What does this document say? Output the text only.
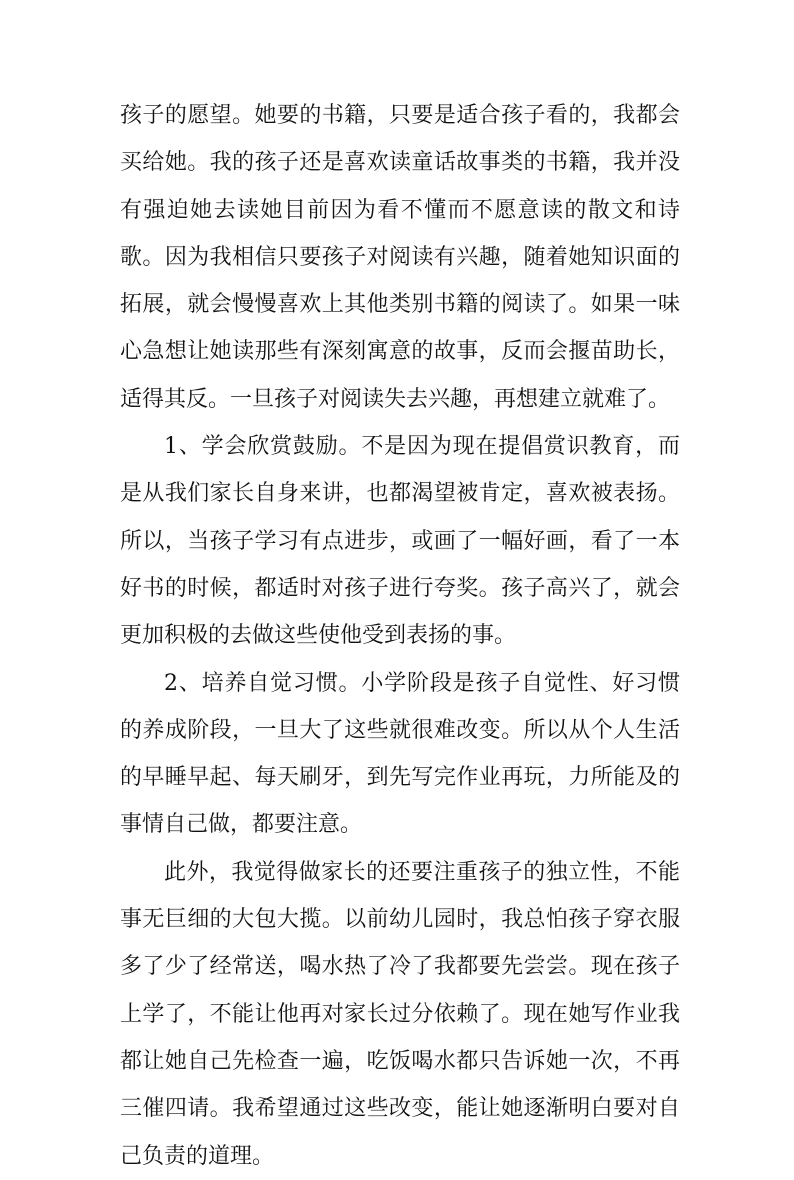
孩子的愿望。她要的书籍，只要是适合孩子看的，我都会买给她。我的孩子还是喜欢读童话故事类的书籍，我并没有强迫她去读她目前因为看不懂而不愿意读的散文和诗歌。因为我相信只要孩子对阅读有兴趣，随着她知识面的拓展，就会慢慢喜欢上其他类别书籍的阅读了。如果一味心急想让她读那些有深刻寓意的故事，反而会揠苗助长，适得其反。一旦孩子对阅读失去兴趣，再想建立就难了。

1、学会欣赏鼓励。不是因为现在提倡赏识教育，而是从我们家长自身来讲，也都渴望被肯定，喜欢被表扬。所以，当孩子学习有点进步，或画了一幅好画，看了一本好书的时候，都适时对孩子进行夸奖。孩子高兴了，就会更加积极的去做这些使他受到表扬的事。

2、培养自觉习惯。小学阶段是孩子自觉性、好习惯的养成阶段，一旦大了这些就很难改变。所以从个人生活的早睡早起、每天刷牙，到先写完作业再玩，力所能及的事情自己做，都要注意。

此外，我觉得做家长的还要注重孩子的独立性，不能事无巨细的大包大揽。以前幼儿园时，我总怕孩子穿衣服多了少了经常送，喝水热了冷了我都要先尝尝。现在孩子上学了，不能让他再对家长过分依赖了。现在她写作业我都让她自己先检查一遍，吃饭喝水都只告诉她一次，不再三催四请。我希望通过这些改变，能让她逐渐明白要对自己负责的道理。
